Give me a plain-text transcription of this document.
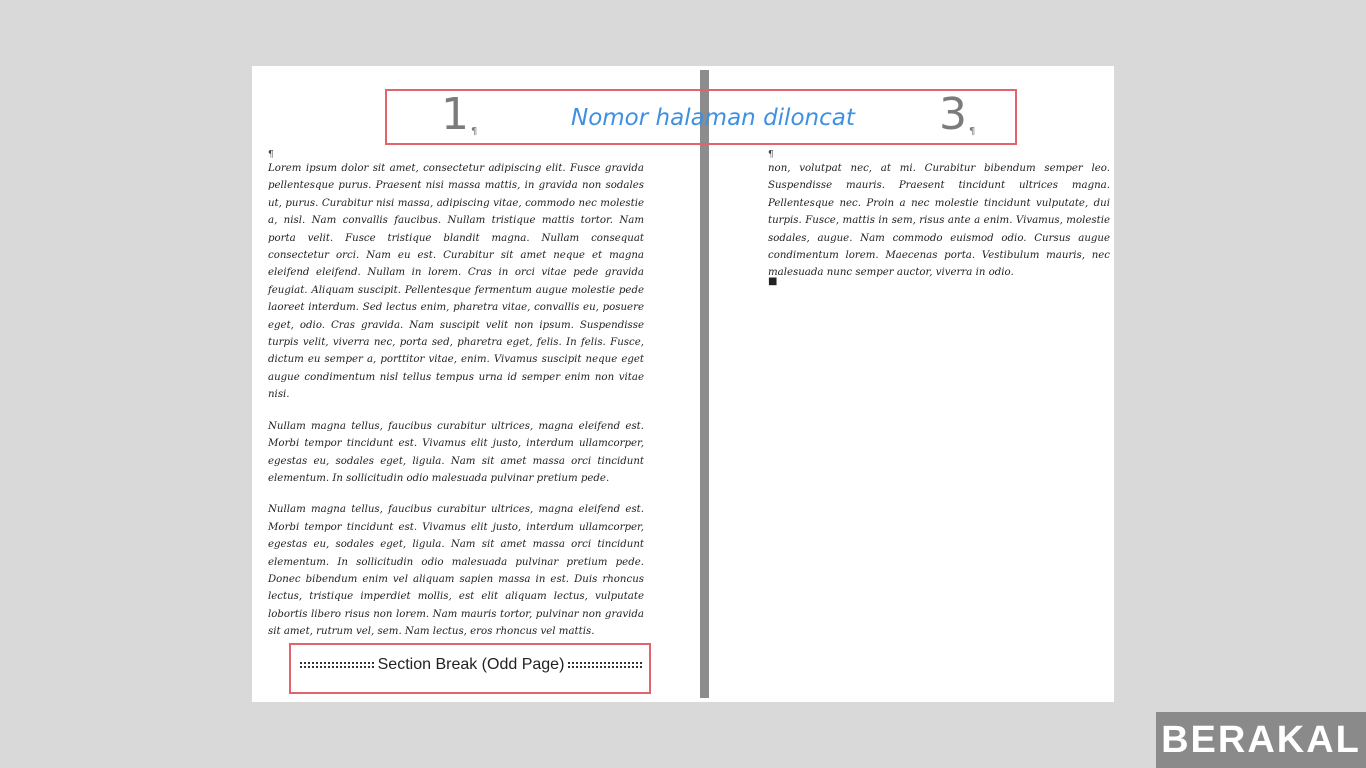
1 ¶	3 ¶
Nomor halaman diloncat
¶

Lorem ipsum dolor sit amet, consectetur adipiscing elit. Fusce gravida pellentesque purus. Praesent nisi massa mattis, in gravida non sodales ut, purus. Curabitur nisi massa, adipiscing vitae, commodo nec molestie a, nisl. Nam convallis faucibus. Nullam tristique mattis tortor. Nam porta velit. Fusce tristique blandit magna. Nullam consequat consectetur orci. Nam eu est. Curabitur sit amet neque et magna eleifend eleifend. Nullam in lorem. Cras in orci vitae pede gravida feugiat. Aliquam suscipit. Pellentesque fermentum augue molestie pede laoreet interdum. Sed lectus enim, pharetra vitae, convallis eu, posuere eget, odio. Cras gravida. Nam suscipit velit non ipsum. Suspendisse turpis velit, viverra nec, porta sed, pharetra eget, felis. In felis. Fusce, dictum eu semper a, porttitor vitae, enim. Vivamus suscipit neque eget augue condimentum nisl tellus tempus urna id semper enim non vitae nisi.

Nullam magna tellus, faucibus curabitur ultrices, magna eleifend est. Morbi tempor tincidunt est. Vivamus elit justo, interdum ullamcorper, egestas eu, sodales eget, ligula. Nam sit amet massa orci tincidunt elementum. In sollicitudin odio malesuada pulvinar pretium pede.

Nullam magna tellus, faucibus curabitur ultrices, magna eleifend est. Morbi tempor tincidunt est. Vivamus elit justo, interdum ullamcorper, egestas eu, sodales eget, ligula. Nam sit amet massa orci tincidunt elementum. In sollicitudin odio malesuada pulvinar pretium pede. Donec bibendum enim vel aliquam sapien massa in est. Duis rhoncus lectus, tristique imperdiet mollis, est elit aliquam lectus, vulputate lobortis libero risus non lorem. Nam mauris tortor, pulvinar non gravida sit amet, rutrum vel, sem. Nam lectus, eros rhoncus vel mattis.

¶

non, volutpat nec, at mi. Curabitur bibendum semper leo. Suspendisse mauris. Praesent tincidunt ultrices magna. Pellentesque nec. Proin a nec molestie tincidunt vulputate, dui turpis. Fusce, mattis in sem, risus ante a enim. Vivamus, molestie sodales, augue. Nam commodo euismod odio. Cursus augue condimentum lorem. Maecenas porta. Vestibulum mauris, nec malesuada nunc semper auctor, viverra in odio.

■
Section Break (Odd Page)
BERAKAL
